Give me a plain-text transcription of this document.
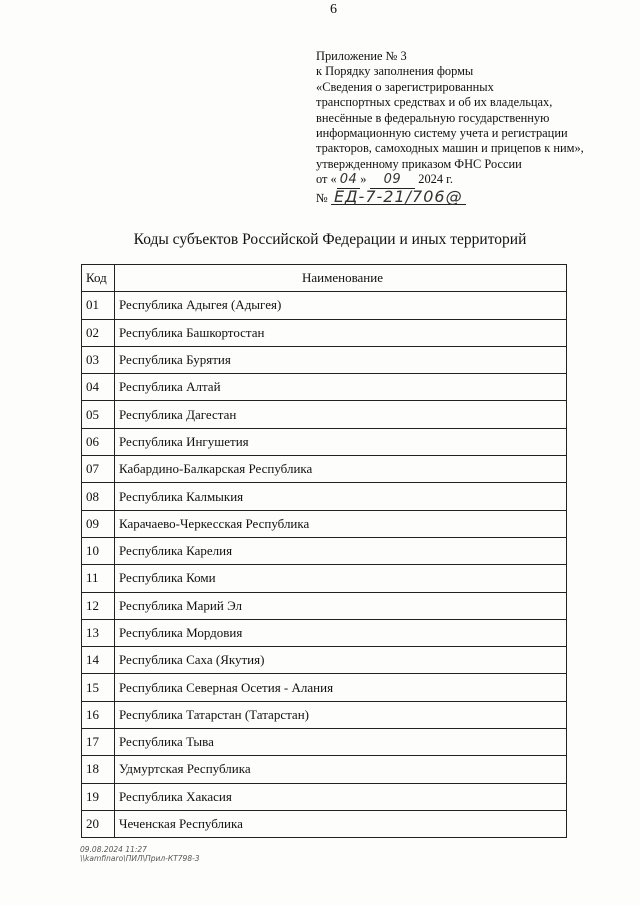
6
Приложение № 3
к Порядку заполнения формы
«Сведения о зарегистрированных
транспортных средствах и об их владельцах,
внесённые в федеральную государственную
информационную систему учета и регистрации
тракторов, самоходных машин и прицепов к ним»,
утвержденному приказом ФНС России
от « 04 » 09 2024 г.
№ ЕД-7-21/706@
Коды субъектов Российской Федерации и иных территорий
Код	Наименование
01	Республика Адыгея (Адыгея)
02	Республика Башкортостан
03	Республика Бурятия
04	Республика Алтай
05	Республика Дагестан
06	Республика Ингушетия
07	Кабардино-Балкарская Республика
08	Республика Калмыкия
09	Карачаево-Черкесская Республика
10	Республика Карелия
11	Республика Коми
12	Республика Марий Эл
13	Республика Мордовия
14	Республика Саха (Якутия)
15	Республика Северная Осетия - Алания
16	Республика Татарстан (Татарстан)
17	Республика Тыва
18	Удмуртская Республика
19	Республика Хакасия
20	Чеченская Республика
09.08.2024 11:27
\\kamfinaro\ПИЛ\Прил-КТ798-3
